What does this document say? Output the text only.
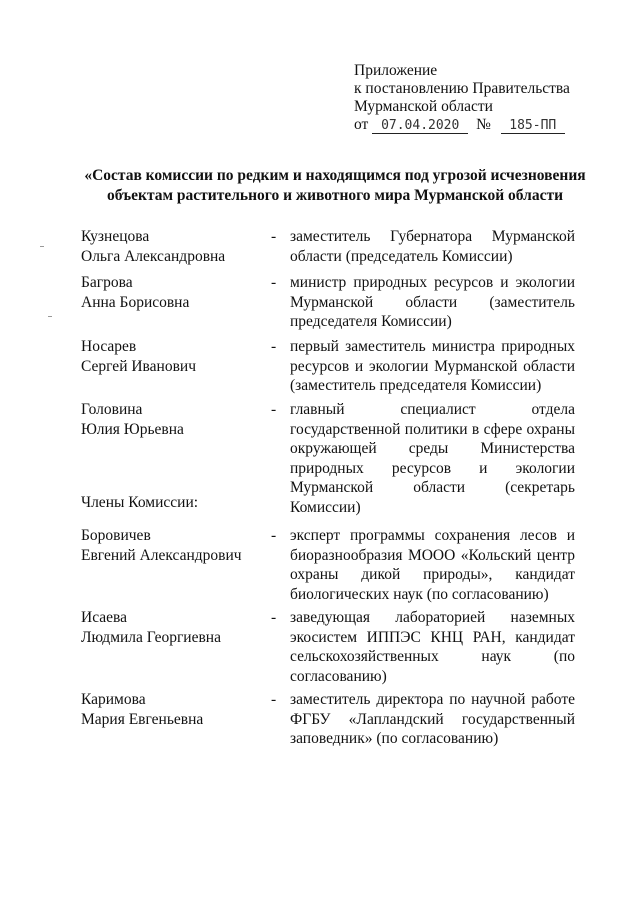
Приложение
к постановлению Правительства
Мурманской области
от 07.04.2020 № 185-ПП
«Состав комиссии по редким и находящимся под угрозой исчезновения
объектам растительного и животного мира Мурманской области
Кузнецова
Ольга Александровна
- заместитель Губернатора Мурманской
области (председатель Комиссии)
Багрова
Анна Борисовна
- министр природных ресурсов и экологии
Мурманской области (заместитель
председателя Комиссии)
Носарев
Сергей Иванович
- первый заместитель министра природных
ресурсов и экологии Мурманской области
(заместитель председателя Комиссии)
Головина
Юлия Юрьевна
- главный специалист отдела
государственной политики в сфере охраны
окружающей среды Министерства
природных ресурсов и экологии
Мурманской области (секретарь Комиссии)
Члены Комиссии:
Боровичев
Евгений Александрович
- эксперт программы сохранения лесов и
биоразнообразия МООО «Кольский центр
охраны дикой природы», кандидат
биологических наук (по согласованию)
Исаева
Людмила Георгиевна
- заведующая лабораторией наземных
экосистем ИППЭС КНЦ РАН, кандидат
сельскохозяйственных наук (по
согласованию)
Каримова
Мария Евгеньевна
- заместитель директора по научной работе
ФГБУ «Лапландский государственный
заповедник» (по согласованию)
